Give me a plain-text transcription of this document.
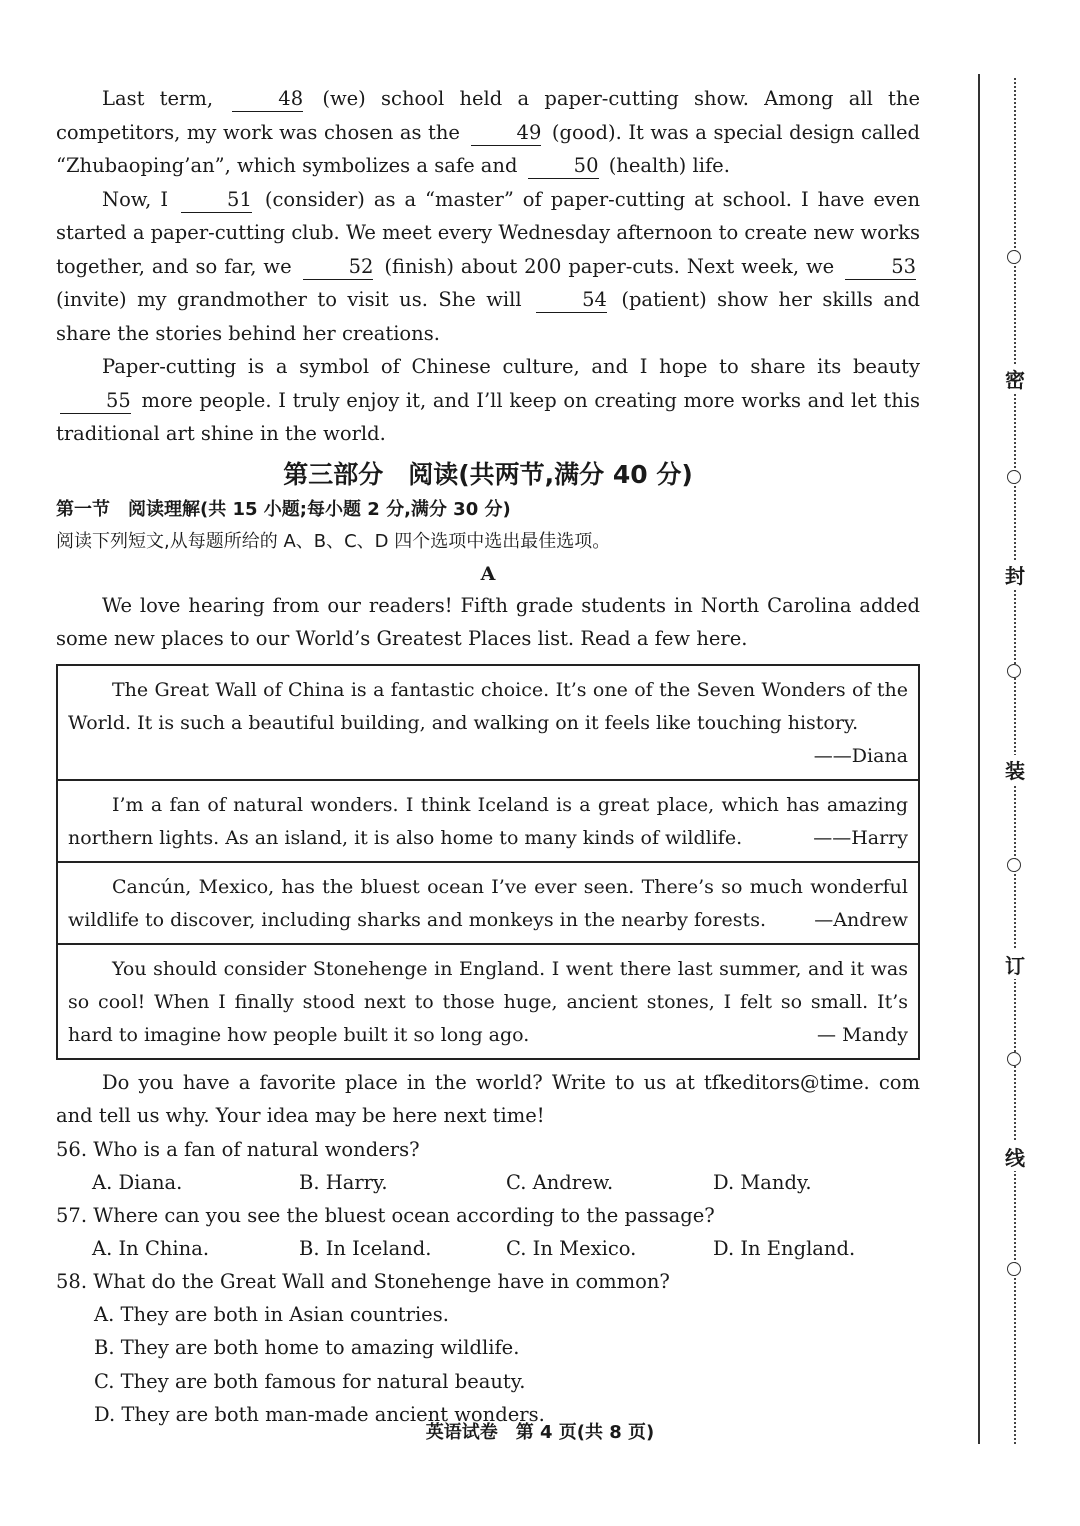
Last term,	48 (we) school held a paper-cutting show. Among all the competitors, my work was chosen as the	49 (good). It was a special design called “Zhubaoping’an”, which symbolizes a safe and	50 (health) life.

Now, I	51 (consider) as a “master” of paper-cutting at school. I have even started a paper-cutting club. We meet every Wednesday afternoon to create new works together, and so far, we	52 (finish) about 200 paper-cuts. Next week, we	53 (invite) my grandmother to visit us. She will	54 (patient) show her skills and share the stories behind her creations.

Paper-cutting is a symbol of Chinese culture, and I hope to share its beauty 55 more people. I truly enjoy it, and I’ll keep on creating more works and let this traditional art shine in the world.

第三部分　阅读(共两节,满分 40 分)
第一节　阅读理解(共 15 小题;每小题 2 分,满分 30 分)
阅读下列短文,从每题所给的 A、B、C、D 四个选项中选出最佳选项。
A

We love hearing from our readers! Fifth grade students in North Carolina added some new places to our World’s Greatest Places list. Read a few here.

The Great Wall of China is a fantastic choice. It’s one of the Seven Wonders of the World. It is such a beautiful building, and walking on it feels like touching history.
——Diana
I’m a fan of natural wonders. I think Iceland is a great place, which has amazing northern lights. As an island, it is also home to many kinds of wildlife.	——Harry
Cancún, Mexico, has the bluest ocean I’ve ever seen. There’s so much wonderful wildlife to discover, including sharks and monkeys in the nearby forests.	—Andrew
You should consider Stonehenge in England. I went there last summer, and it was so cool! When I finally stood next to those huge, ancient stones, I felt so small. It’s hard to imagine how people built it so long ago.	— Mandy

Do you have a favorite place in the world? Write to us at tfkeditors@time. com and tell us why. Your idea may be here next time!

56. Who is a fan of natural wonders?
A. Diana.	B. Harry.	C. Andrew.	D. Mandy.
57. Where can you see the bluest ocean according to the passage?
A. In China.	B. In Iceland.	C. In Mexico.	D. In England.
58. What do the Great Wall and Stonehenge have in common?
A. They are both in Asian countries.
B. They are both home to amazing wildlife.
C. They are both famous for natural beauty.
D. They are both man-made ancient wonders.
英语试卷　第 4 页(共 8 页)
密
封
装
订
线
